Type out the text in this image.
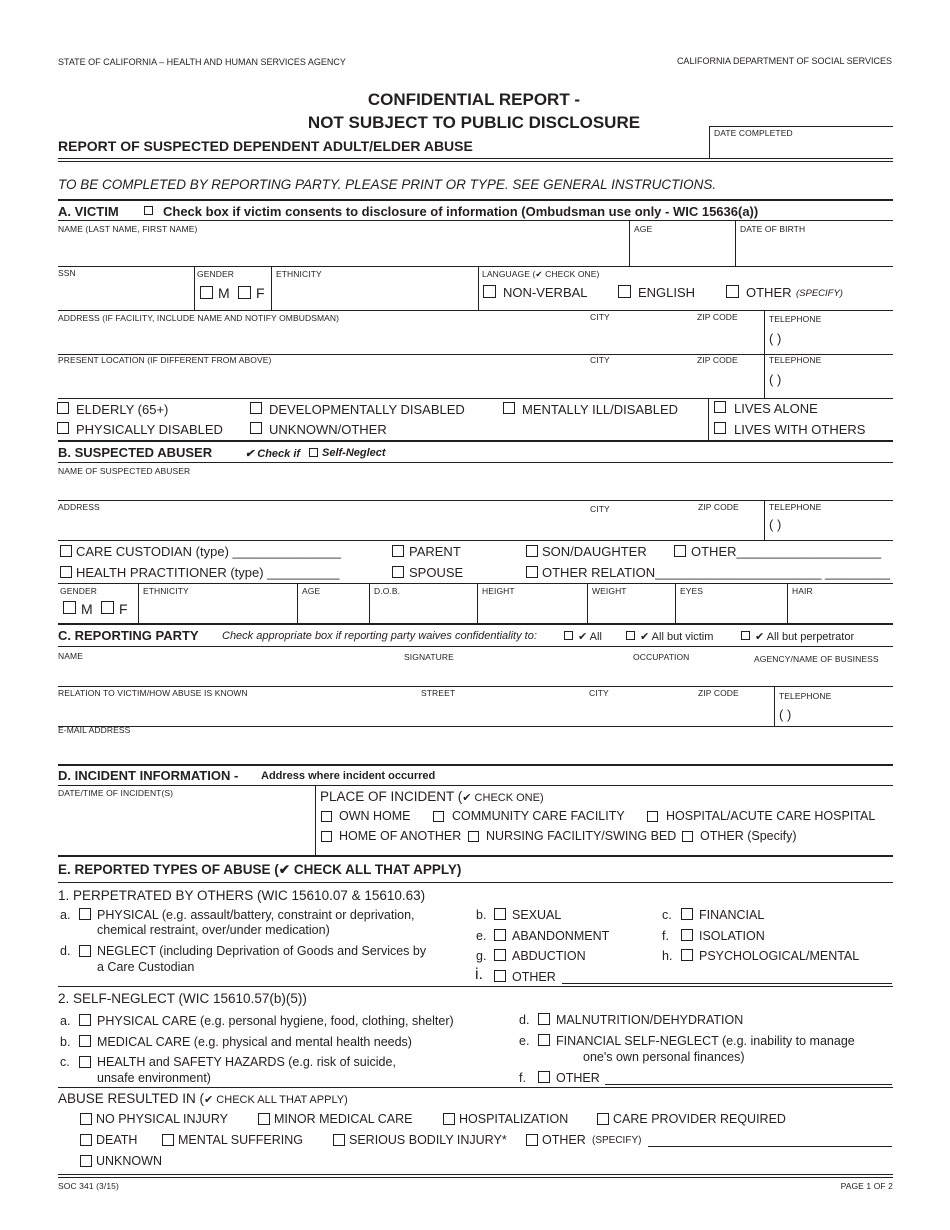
STATE OF CALIFORNIA – HEALTH AND HUMAN SERVICES AGENCY	CALIFORNIA DEPARTMENT OF SOCIAL SERVICES
CONFIDENTIAL REPORT -
NOT SUBJECT TO PUBLIC DISCLOSURE
REPORT OF SUSPECTED DEPENDENT ADULT/ELDER ABUSE
DATE COMPLETED
TO BE COMPLETED BY REPORTING PARTY. PLEASE PRINT OR TYPE. SEE GENERAL INSTRUCTIONS.
A. VICTIM	Check box if victim consents to disclosure of information (Ombudsman use only - WIC 15636(a))
NAME (LAST NAME, FIRST NAME)	AGE	DATE OF BIRTH
SSN	GENDER
M F
ETHNICITY	LANGUAGE (✔ CHECK ONE)
NON-VERBAL	ENGLISH	OTHER (SPECIFY)
ADDRESS (IF FACILITY, INCLUDE NAME AND NOTIFY OMBUDSMAN)	CITY	ZIP CODE	TELEPHONE
( )
PRESENT LOCATION (IF DIFFERENT FROM ABOVE)	CITY	ZIP CODE	TELEPHONE
( )
ELDERLY (65+)	DEVELOPMENTALLY DISABLED	MENTALLY ILL/DISABLED	LIVES ALONE
PHYSICALLY DISABLED	UNKNOWN/OTHER	LIVES WITH OTHERS
B. SUSPECTED ABUSER	✔ Check if Self-Neglect
NAME OF SUSPECTED ABUSER
ADDRESS	CITY	ZIP CODE	TELEPHONE
( )
CARE CUSTODIAN (type) _______________	PARENT	SON/DAUGHTER	OTHER____________________
HEALTH PRACTITIONER (type) __________	SPOUSE	OTHER RELATION_______________________ _________
GENDER
M F
ETHNICITY	AGE	D.O.B.	HEIGHT	WEIGHT	EYES	HAIR
C. REPORTING PARTY Check appropriate box if reporting party waives confidentiality to:	✔ All	✔ All but victim	✔ All but perpetrator
NAME	SIGNATURE	OCCUPATION	AGENCY/NAME OF BUSINESS
RELATION TO VICTIM/HOW ABUSE IS KNOWN	STREET	CITY	ZIP CODE	TELEPHONE
( )
E-MAIL ADDRESS
D. INCIDENT INFORMATION - Address where incident occurred
DATE/TIME OF INCIDENT(S)	PLACE OF INCIDENT (✔ CHECK ONE)
OWN HOME	COMMUNITY CARE FACILITY	HOSPITAL/ACUTE CARE HOSPITAL
HOME OF ANOTHER NURSING FACILITY/SWING BED OTHER (Specify)
E. REPORTED TYPES OF ABUSE (✔ CHECK ALL THAT APPLY)
1. PERPETRATED BY OTHERS (WIC 15610.07 & 15610.63)
a. PHYSICAL (e.g. assault/battery, constraint or deprivation,
chemical restraint, over/under medication)
d. NEGLECT (including Deprivation of Goods and Services by
a Care Custodian
b. SEXUAL
e. ABANDONMENT
g. ABDUCTION
i. OTHER
c. FINANCIAL
f. ISOLATION
h. PSYCHOLOGICAL/MENTAL
2. SELF-NEGLECT (WIC 15610.57(b)(5))
a. PHYSICAL CARE (e.g. personal hygiene, food, clothing, shelter)
b. MEDICAL CARE (e.g. physical and mental health needs)
c. HEALTH and SAFETY HAZARDS (e.g. risk of suicide,
unsafe environment)
d. MALNUTRITION/DEHYDRATION
e. FINANCIAL SELF-NEGLECT (e.g. inability to manage
one's own personal finances)
f. OTHER
ABUSE RESULTED IN (✔ CHECK ALL THAT APPLY)
NO PHYSICAL INJURY	MINOR MEDICAL CARE	HOSPITALIZATION	CARE PROVIDER REQUIRED
DEATH	MENTAL SUFFERING	SERIOUS BODILY INJURY*	OTHER (SPECIFY)
UNKNOWN
SOC 341 (3/15)	PAGE 1 OF 2
